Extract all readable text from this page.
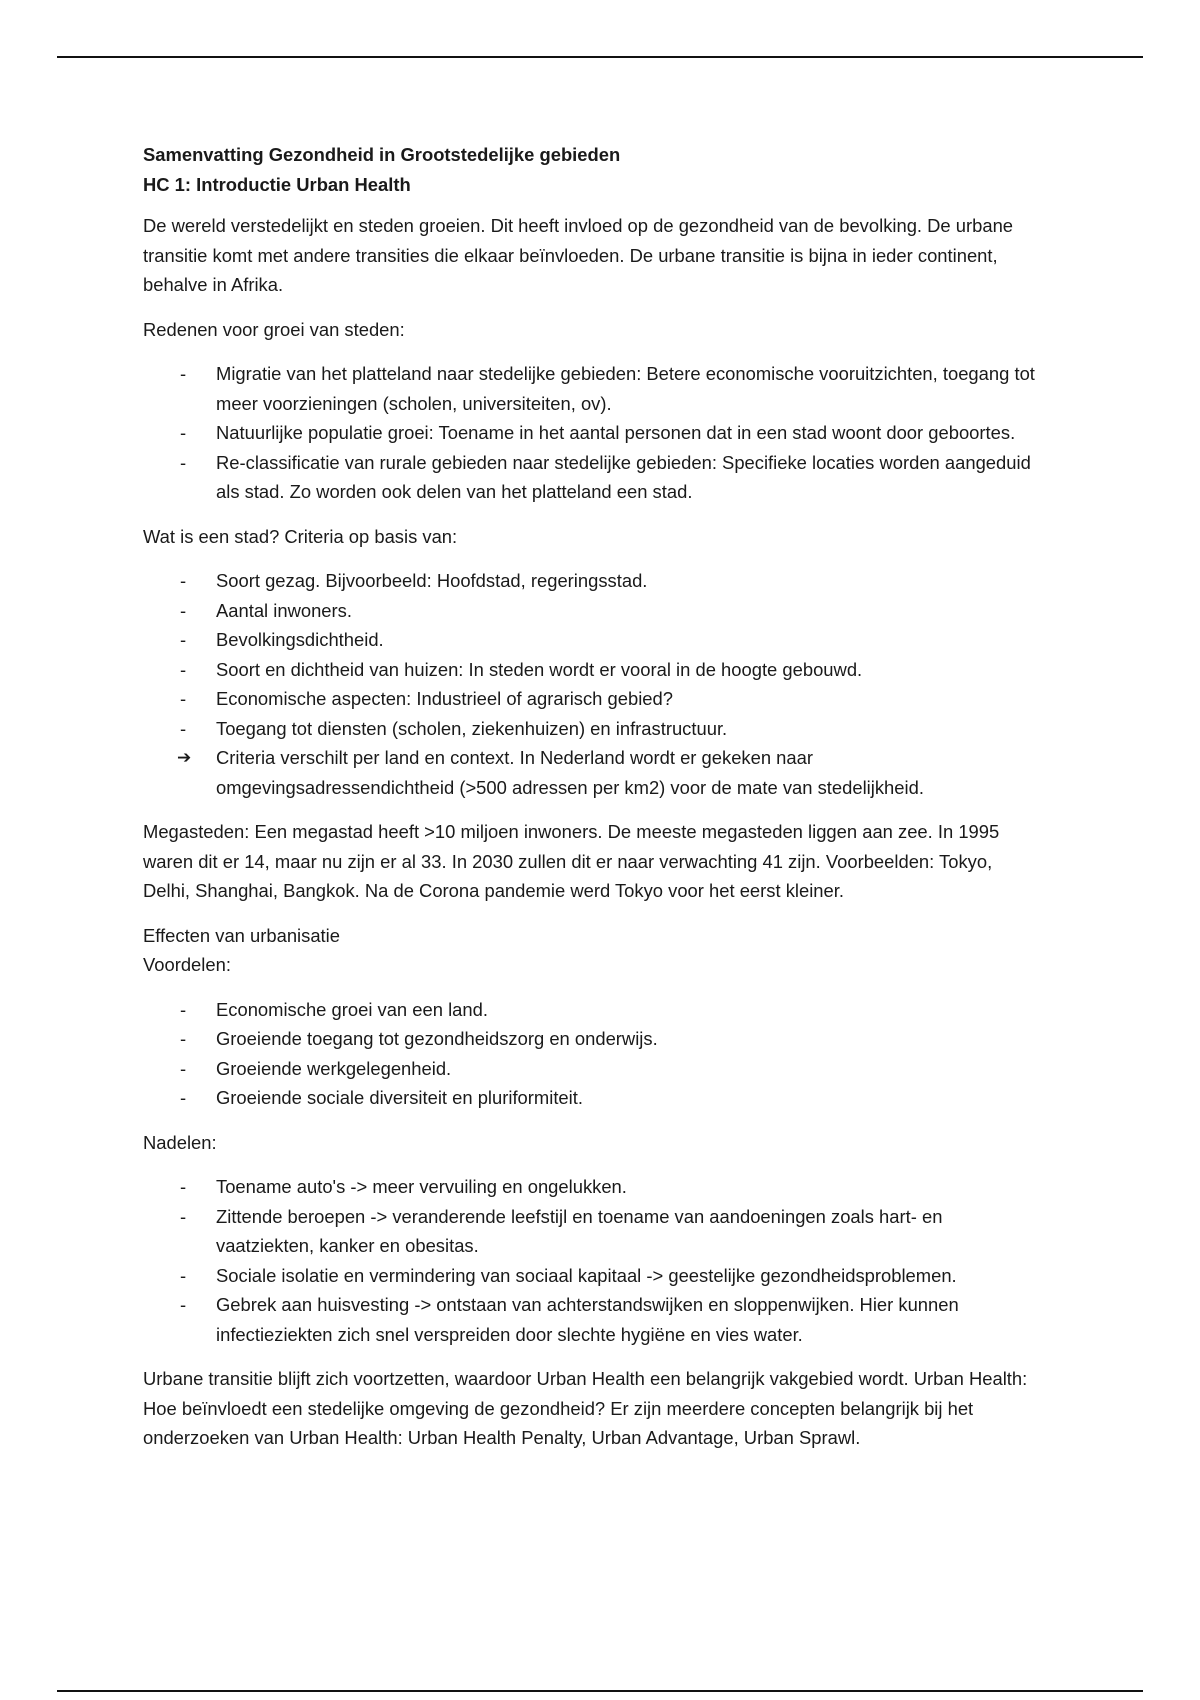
Samenvatting Gezondheid in Grootstedelijke gebieden

HC 1: Introductie Urban Health

De wereld verstedelijkt en steden groeien. Dit heeft invloed op de gezondheid van de bevolking. De urbane transitie komt met andere transities die elkaar beïnvloeden. De urbane transitie is bijna in ieder continent, behalve in Afrika.

Redenen voor groei van steden:

-	Migratie van het platteland naar stedelijke gebieden: Betere economische vooruitzichten, toegang tot meer voorzieningen (scholen, universiteiten, ov).
-	Natuurlijke populatie groei: Toename in het aantal personen dat in een stad woont door geboortes.
-	Re-classificatie van rurale gebieden naar stedelijke gebieden: Specifieke locaties worden aangeduid als stad. Zo worden ook delen van het platteland een stad.

Wat is een stad? Criteria op basis van:

-	Soort gezag. Bijvoorbeeld: Hoofdstad, regeringsstad.
-	Aantal inwoners.
-	Bevolkingsdichtheid.
-	Soort en dichtheid van huizen: In steden wordt er vooral in de hoogte gebouwd.
-	Economische aspecten: Industrieel of agrarisch gebied?
-	Toegang tot diensten (scholen, ziekenhuizen) en infrastructuur.
➔	Criteria verschilt per land en context. In Nederland wordt er gekeken naar omgevingsadressendichtheid (>500 adressen per km2) voor de mate van stedelijkheid.

Megasteden: Een megastad heeft >10 miljoen inwoners. De meeste megasteden liggen aan zee. In 1995 waren dit er 14, maar nu zijn er al 33. In 2030 zullen dit er naar verwachting 41 zijn. Voorbeelden: Tokyo, Delhi, Shanghai, Bangkok. Na de Corona pandemie werd Tokyo voor het eerst kleiner.

Effecten van urbanisatie

Voordelen:

-	Economische groei van een land.
-	Groeiende toegang tot gezondheidszorg en onderwijs.
-	Groeiende werkgelegenheid.
-	Groeiende sociale diversiteit en pluriformiteit.

Nadelen:

-	Toename auto's -> meer vervuiling en ongelukken.
-	Zittende beroepen -> veranderende leefstijl en toename van aandoeningen zoals hart- en vaatziekten, kanker en obesitas.
-	Sociale isolatie en vermindering van sociaal kapitaal -> geestelijke gezondheidsproblemen.
-	Gebrek aan huisvesting -> ontstaan van achterstandswijken en sloppenwijken. Hier kunnen infectieziekten zich snel verspreiden door slechte hygiëne en vies water.

Urbane transitie blijft zich voortzetten, waardoor Urban Health een belangrijk vakgebied wordt. Urban Health: Hoe beïnvloedt een stedelijke omgeving de gezondheid? Er zijn meerdere concepten belangrijk bij het onderzoeken van Urban Health: Urban Health Penalty, Urban Advantage, Urban Sprawl.
